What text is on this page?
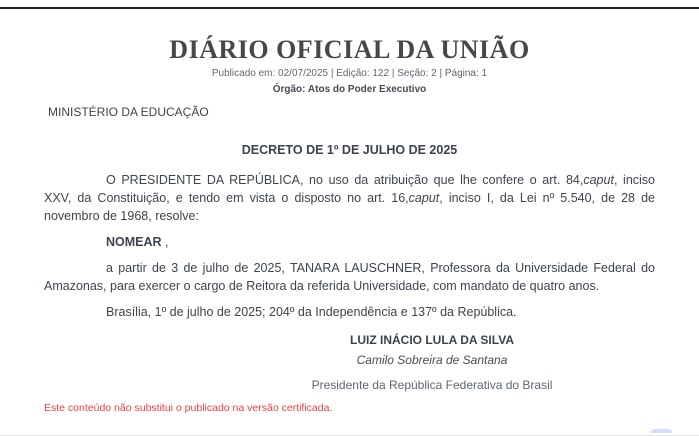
DIÁRIO OFICIAL DA UNIÃO
Publicado em: 02/07/2025 | Edição: 122 | Seção: 2 | Página: 1
Órgão: Atos do Poder Executivo
MINISTÉRIO DA EDUCAÇÃO
DECRETO DE 1º DE JULHO DE 2025

O PRESIDENTE DA REPÚBLICA, no uso da atribuição que lhe confere o art. 84,caput, inciso XXV, da Constituição, e tendo em vista o disposto no art. 16,caput, inciso I, da Lei nº 5.540, de 28 de novembro de 1968, resolve:

NOMEAR ,

a partir de 3 de julho de 2025, TANARA LAUSCHNER, Professora da Universidade Federal do Amazonas, para exercer o cargo de Reitora da referida Universidade, com mandato de quatro anos.

Brasília, 1º de julho de 2025; 204º da Independência e 137º da República.

LUIZ INÁCIO LULA DA SILVA
Camilo Sobreira de Santana
Presidente da República Federativa do Brasil
Este conteúdo não substitui o publicado na versão certificada.
